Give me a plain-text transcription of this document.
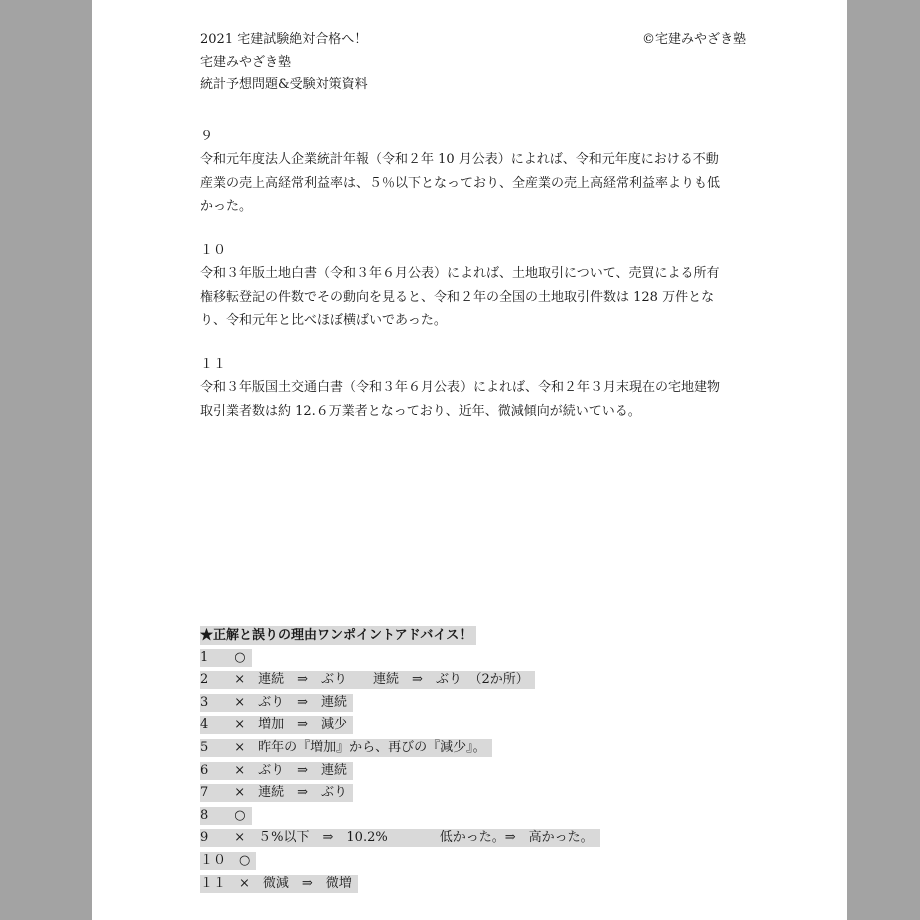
2021 宅建試験絶対合格へ！
宅建みやざき塾
統計予想問題&受験対策資料
©宅建みやざき塾
９
令和元年度法人企業統計年報（令和２年 10 月公表）によれば、令和元年度における不動
産業の売上高経常利益率は、５％以下となっており、全産業の売上高経常利益率よりも低
かった。
１０
令和３年版土地白書（令和３年６月公表）によれば、土地取引について、売買による所有
権移転登記の件数でその動向を見ると、令和２年の全国の土地取引件数は 128 万件とな
り、令和元年と比べほぼ横ばいであった。
１１
令和３年版国土交通白書（令和３年６月公表）によれば、令和２年３月末現在の宅地建物
取引業者数は約 12.６万業者となっており、近年、微減傾向が続いている。
★正解と誤りの理由ワンポイントアドバイス！
1　　○
2　　×　連続　⇒　ぶり　　連続　⇒　ぶり　（2か所）
3　　×　ぶり　⇒　連続
4　　×　増加　⇒　減少
5　　×　昨年の『増加』から、再びの『減少』。
6　　×　ぶり　⇒　連続
7　　×　連続　⇒　ぶり
8　　○
9　　×　５%以下　⇒　10.2%　　　　低かった。⇒　高かった。
１０　○
１１　×　微減　⇒　微増
